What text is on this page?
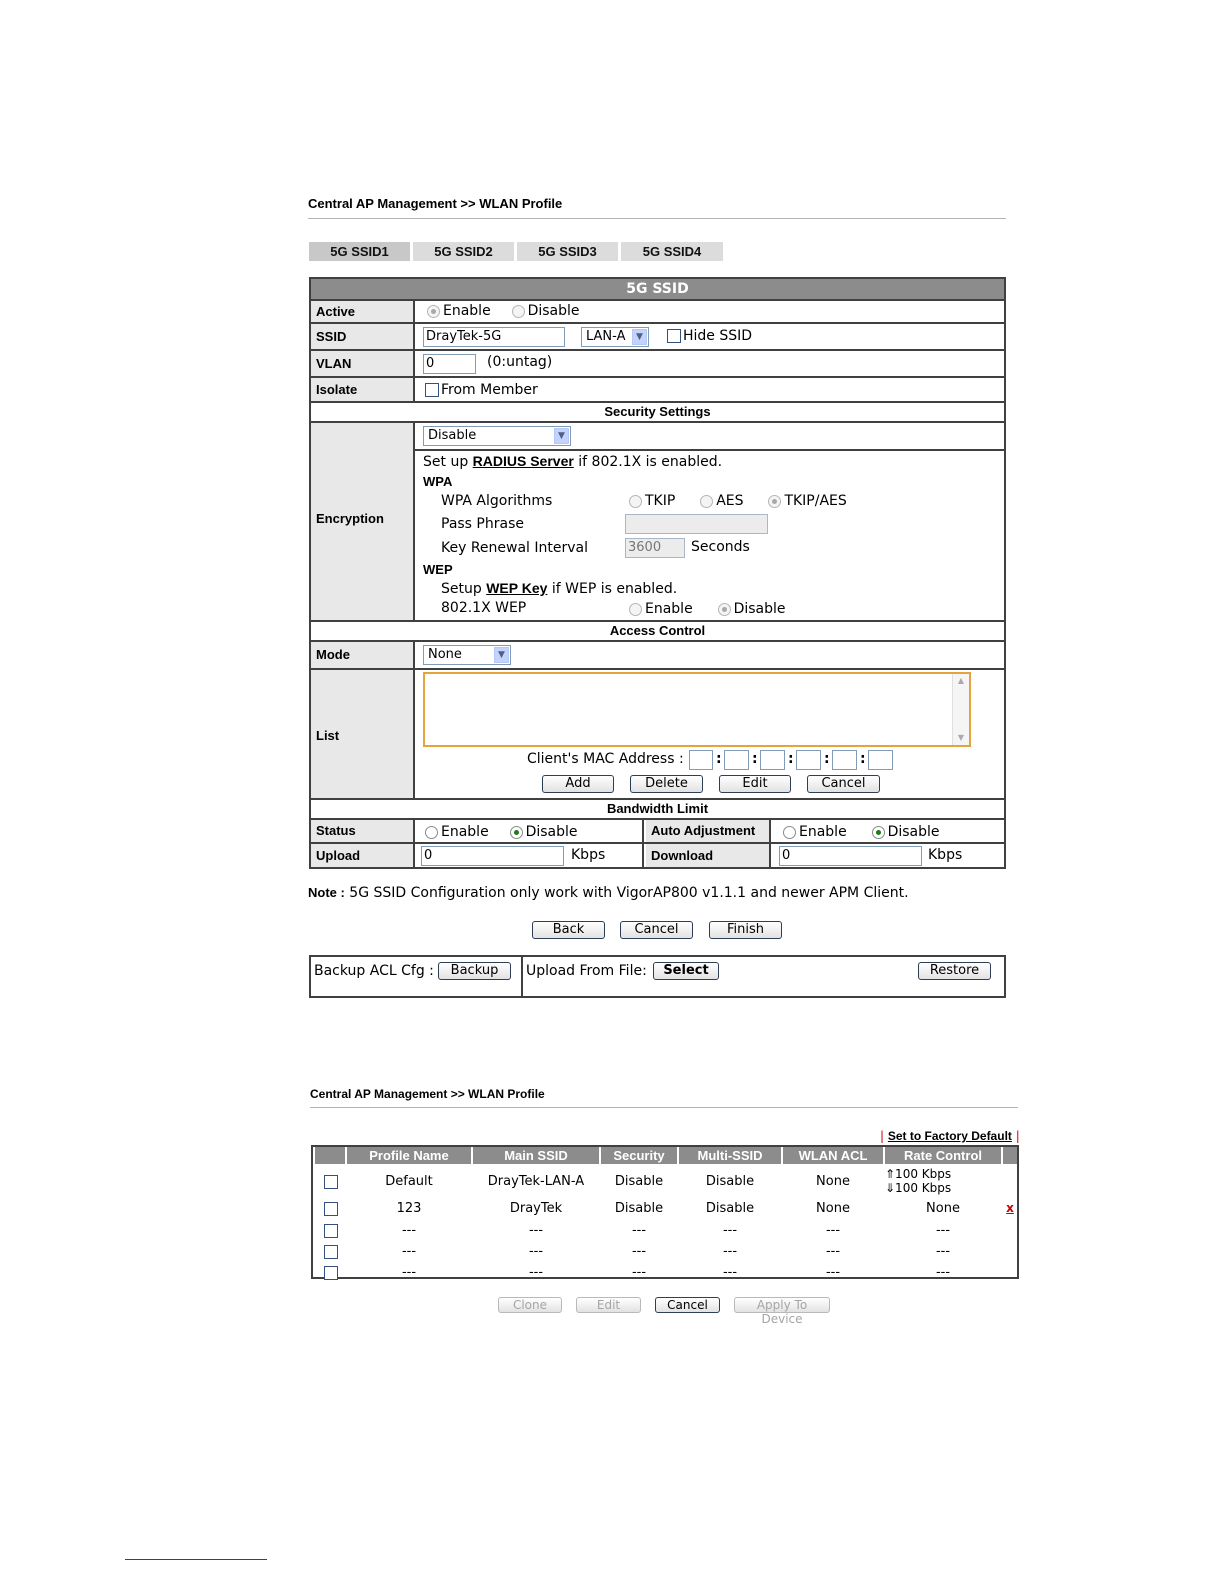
Central AP Management >> WLAN Profile
5G SSID1	5G SSID2	5G SSID3	5G SSID4
5G SSID
Active	Enable	Disable
SSID	DrayTek-5G	LAN-A	▼	Hide SSID
VLAN	0	(0:untag)
Isolate	From Member
Security Settings
Encryption
Disable	▼
Set up RADIUS Server if 802.1X is enabled.
WPA
WPA Algorithms	TKIP	AES	TKIP/AES
Pass Phrase
Key Renewal Interval	3600	Seconds
WEP
Setup WEP Key if WEP is enabled.
802.1X WEP	Enable	Disable
Access Control
Mode	None	▼
List
▲
▼
Client's MAC Address : : : : : :
Add	Delete	Edit	Cancel
Bandwidth Limit
Status	Enable	Disable	Auto Adjustment	Enable	Disable
Upload	0	Kbps	Download	0	Kbps
Note : 5G SSID Configuration only work with VigorAP800 v1.1.1 and newer APM Client.
Back	Cancel	Finish
Backup ACL Cfg :	Backup	Upload From File:	Select	Restore
Central AP Management >> WLAN Profile
| Set to Factory Default |
Profile Name	Main SSID	Security	Multi-SSID	WLAN ACL	Rate Control
Default	DrayTek-LAN-A	Disable	Disable	None	⇑100 Kbps
⇓100 Kbps
123	DrayTek	Disable	Disable	None	None	x
---	---	---	---	---	---
---	---	---	---	---	---
---	---	---	---	---	---
Clone	Edit	Cancel	Apply To Device
